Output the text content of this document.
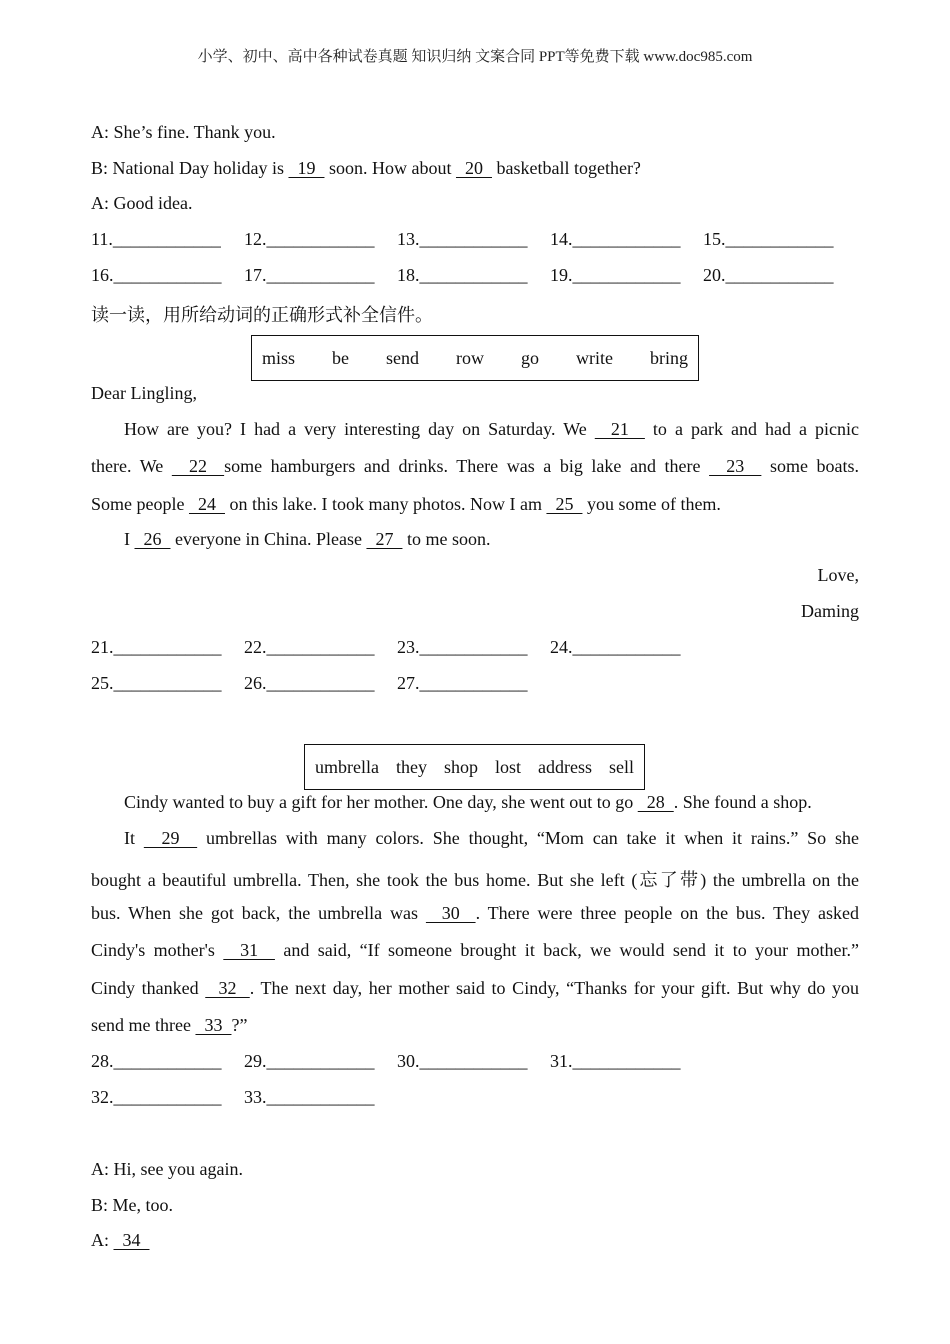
小学、初中、高中各种试卷真题 知识归纳 文案合同 PPT等免费下载 www.doc985.com
A: She’s fine. Thank you.
B: National Day holiday is   19   soon. How about   20   basketball together?
A: Good idea.
11.____________	12.____________	13.____________	14.____________	15.____________
16.____________	17.____________	18.____________	19.____________	20.____________
读一读，用所给动词的正确形式补全信件。
miss be send row go write bring
Dear Lingling,
How are you? I had a very interesting day on Saturday. We   21   to a park and had a picnic
there. We   22  some hamburgers and drinks. There was a big lake and there   23   some boats.
Some people   24   on this lake. I took many photos. Now I am   25   you some of them.
I   26   everyone in China. Please   27   to me soon.
Love,
Daming
21.____________	22.____________	23.____________	24.____________
25.____________	26.____________	27.____________
umbrella they shop lost address sell
Cindy wanted to buy a gift for her mother. One day, she went out to go   28  . She found a shop.
It   29   umbrellas with many colors. She thought, “Mom can take it when it rains.” So she
bought a beautiful umbrella. Then, she took the bus home. But she left (忘了带) the umbrella on the
bus. When she got back, the umbrella was   30  . There were three people on the bus. They asked
Cindy's mother's   31   and said, “If someone brought it back, we would send it to your mother.”
Cindy thanked   32  . The next day, her mother said to Cindy, “Thanks for your gift. But why do you
send me three   33  ?”
28.____________	29.____________	30.____________	31.____________
32.____________	33.____________
A: Hi, see you again.
B: Me, too.
A:   34
